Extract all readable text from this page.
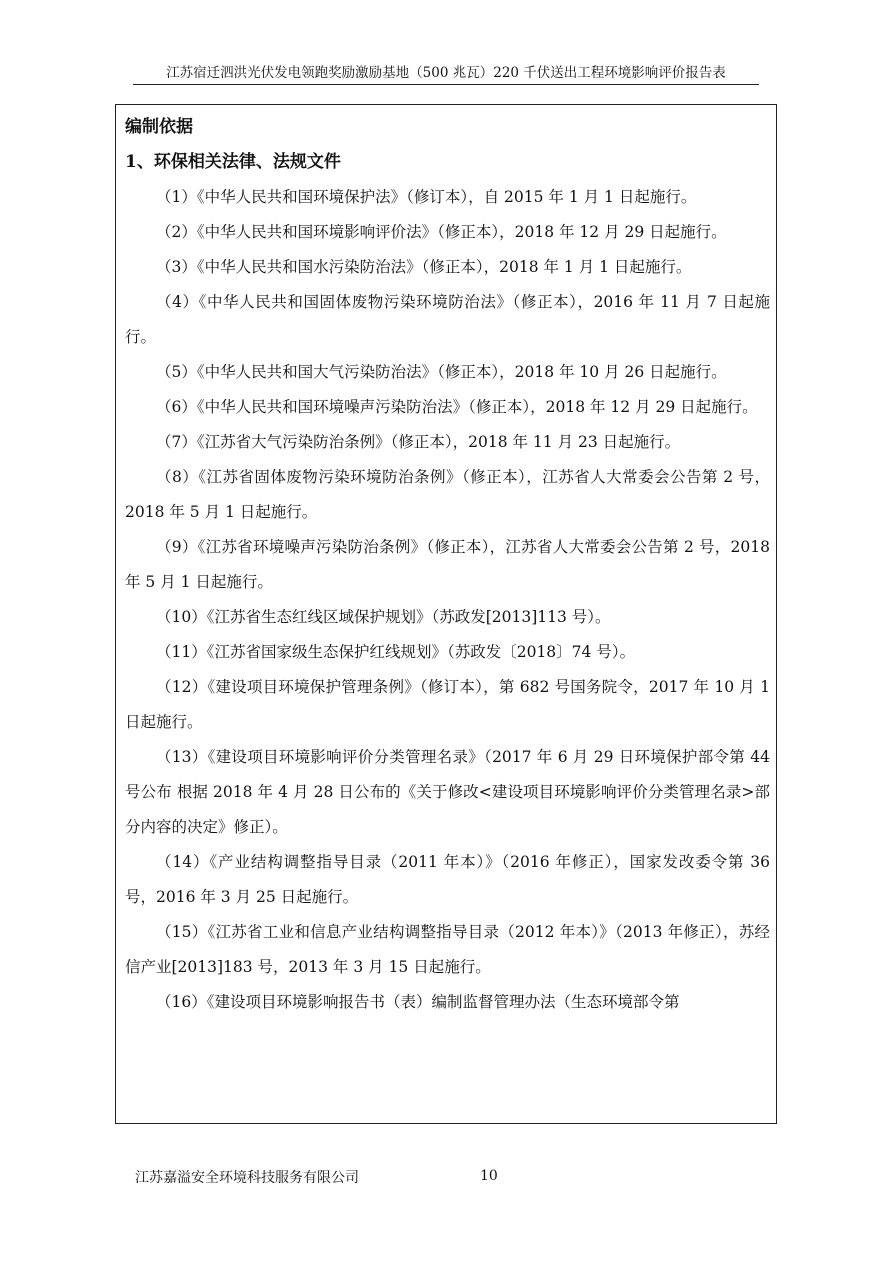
江苏宿迁泗洪光伏发电领跑奖励激励基地（500 兆瓦）220 千伏送出工程环境影响评价报告表
编制依据
1、环保相关法律、法规文件
（1）《中华人民共和国环境保护法》（修订本），自 2015 年 1 月 1 日起施行。
（2）《中华人民共和国环境影响评价法》（修正本），2018 年 12 月 29 日起施行。
（3）《中华人民共和国水污染防治法》（修正本），2018 年 1 月 1 日起施行。
（4）《中华人民共和国固体废物污染环境防治法》（修正本），2016 年 11 月 7 日起施行。
（5）《中华人民共和国大气污染防治法》（修正本），2018 年 10 月 26 日起施行。
（6）《中华人民共和国环境噪声污染防治法》（修正本），2018 年 12 月 29 日起施行。
（7）《江苏省大气污染防治条例》（修正本），2018 年 11 月 23 日起施行。
（8）《江苏省固体废物污染环境防治条例》（修正本），江苏省人大常委会公告第 2 号，2018 年 5 月 1 日起施行。
（9）《江苏省环境噪声污染防治条例》（修正本），江苏省人大常委会公告第 2 号，2018 年 5 月 1 日起施行。
（10）《江苏省生态红线区域保护规划》（苏政发[2013]113 号）。
（11）《江苏省国家级生态保护红线规划》（苏政发〔2018〕74 号）。
（12）《建设项目环境保护管理条例》（修订本），第 682 号国务院令，2017 年 10 月 1 日起施行。
（13）《建设项目环境影响评价分类管理名录》（2017 年 6 月 29 日环境保护部令第 44 号公布 根据 2018 年 4 月 28 日公布的《关于修改<建设项目环境影响评价分类管理名录>部分内容的决定》修正）。
（14）《产业结构调整指导目录（2011 年本）》（2016 年修正），国家发改委令第 36 号，2016 年 3 月 25 日起施行。
（15）《江苏省工业和信息产业结构调整指导目录（2012 年本）》（2013 年修正），苏经信产业[2013]183 号，2013 年 3 月 15 日起施行。
（16）《建设项目环境影响报告书（表）编制监督管理办法（生态环境部令第
江苏嘉溢安全环境科技服务有限公司	10
